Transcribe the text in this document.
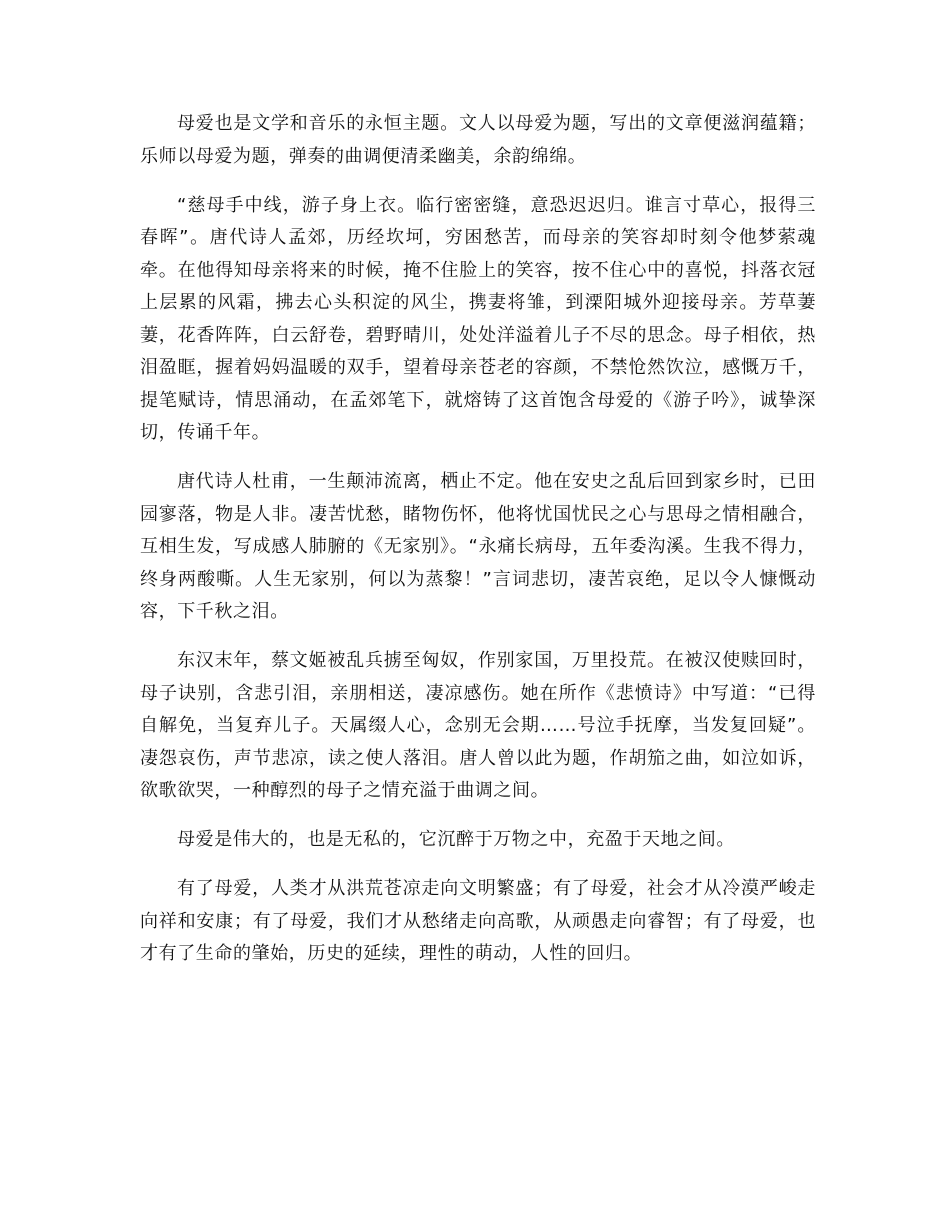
母爱也是文学和音乐的永恒主题。文人以母爱为题，写出的文章便滋润蕴籍；乐师以母爱为题，弹奏的曲调便清柔幽美，余韵绵绵。

“慈母手中线，游子身上衣。临行密密缝，意恐迟迟归。谁言寸草心，报得三春晖”。唐代诗人孟郊，历经坎坷，穷困愁苦，而母亲的笑容却时刻令他梦萦魂牵。在他得知母亲将来的时候，掩不住脸上的笑容，按不住心中的喜悦，抖落衣冠上层累的风霜，拂去心头积淀的风尘，携妻将雏，到溧阳城外迎接母亲。芳草萋萋，花香阵阵，白云舒卷，碧野晴川，处处洋溢着儿子不尽的思念。母子相依，热泪盈眶，握着妈妈温暖的双手，望着母亲苍老的容颜，不禁怆然饮泣，感慨万千，提笔赋诗，情思涌动，在孟郊笔下，就熔铸了这首饱含母爱的《游子吟》，诚挚深切，传诵千年。

唐代诗人杜甫，一生颠沛流离，栖止不定。他在安史之乱后回到家乡时，已田园寥落，物是人非。凄苦忧愁，睹物伤怀，他将忧国忧民之心与思母之情相融合，互相生发，写成感人肺腑的《无家别》。“永痛长病母，五年委沟溪。生我不得力，终身两酸嘶。人生无家别，何以为蒸黎！”言词悲切，凄苦哀绝，足以令人慷慨动容，下千秋之泪。

东汉末年，蔡文姬被乱兵掳至匈奴，作别家国，万里投荒。在被汉使赎回时，母子诀别，含悲引泪，亲朋相送，凄凉感伤。她在所作《悲愤诗》中写道：“已得自解免，当复弃儿子。天属缀人心，念别无会期……号泣手抚摩，当发复回疑”。凄怨哀伤，声节悲凉，读之使人落泪。唐人曾以此为题，作胡笳之曲，如泣如诉，欲歌欲哭，一种醇烈的母子之情充溢于曲调之间。

母爱是伟大的，也是无私的，它沉醉于万物之中，充盈于天地之间。

有了母爱，人类才从洪荒苍凉走向文明繁盛；有了母爱，社会才从冷漠严峻走向祥和安康；有了母爱，我们才从愁绪走向高歌，从顽愚走向睿智；有了母爱，也才有了生命的肇始，历史的延续，理性的萌动，人性的回归。
